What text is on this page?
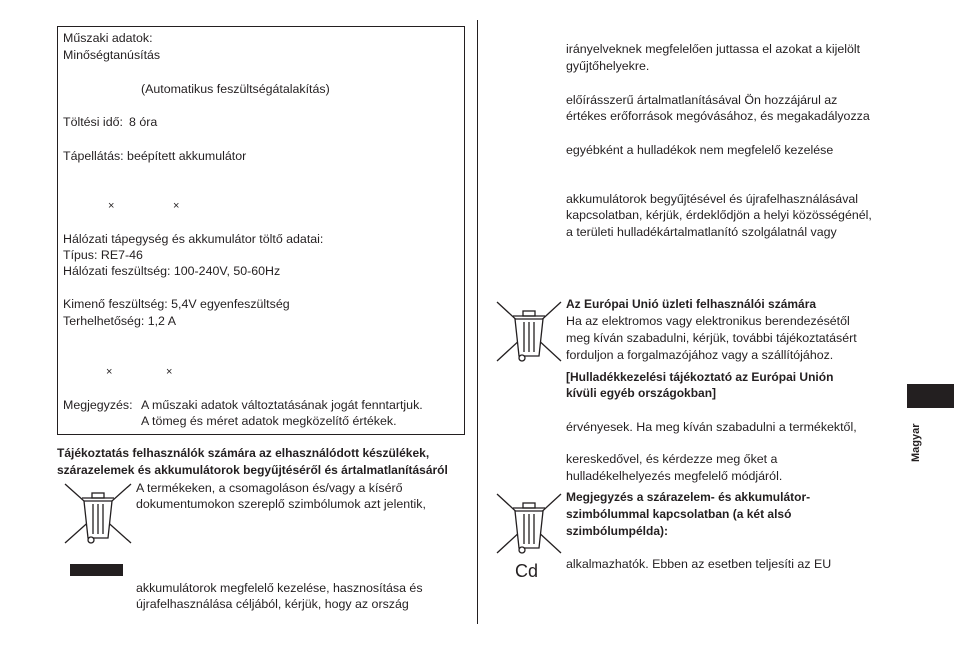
Műszaki adatok:
Minőségtanúsítás
(Automatikus feszültségátalakítás)
Töltési idő: 8 óra
Tápellátás: beépített akkumulátor
×	×
Hálózati tápegység és akkumulátor töltő adatai:
Típus: RE7-46
Hálózati feszültség: 100-240V, 50-60Hz
Kimenő feszültség: 5,4V egyenfeszültség
Terhelhetőség: 1,2 A
×	×
Megjegyzés: A műszaki adatok változtatásának jogát fenntartjuk.
A tömeg és méret adatok megközelítő értékek.
Tájékoztatás felhasználók számára az elhasználódott készülékek,
szárazelemek és akkumulátorok begyűjtéséről és ártalmatlanításáról
A termékeken, a csomagoláson és/vagy a kísérő
dokumentumokon szereplő szimbólumok azt jelentik,
akkumulátorok megfelelő kezelése, hasznosítása és
újrafelhasználása céljából, kérjük, hogy az ország
irányelveknek megfelelően juttassa el azokat a kijelölt
gyűjtőhelyekre.
előírásszerű ártalmatlanításával Ön hozzájárul az
értékes erőforrások megóvásához, és megakadályozza
egyébként a hulladékok nem megfelelő kezelése
akkumulátorok begyűjtésével és újrafelhasználásával
kapcsolatban, kérjük, érdeklődjön a helyi közösségénél,
a területi hulladékártalmatlanító szolgálatnál vagy
Az Európai Unió üzleti felhasználói számára
Ha az elektromos vagy elektronikus berendezésétől
meg kíván szabadulni, kérjük, további tájékoztatásért
forduljon a forgalmazójához vagy a szállítójához.
[Hulladékkezelési tájékoztató az Európai Unión
kívüli egyéb országokban]
érvényesek. Ha meg kíván szabadulni a termékektől,
kereskedővel, és kérdezze meg őket a
hulladékelhelyezés megfelelő módjáról.
Cd
Megjegyzés a szárazelem- és akkumulátor-
szimbólummal kapcsolatban (a két alsó
szimbólumpélda):
alkalmazhatók. Ebben az esetben teljesíti az EU
Magyar
